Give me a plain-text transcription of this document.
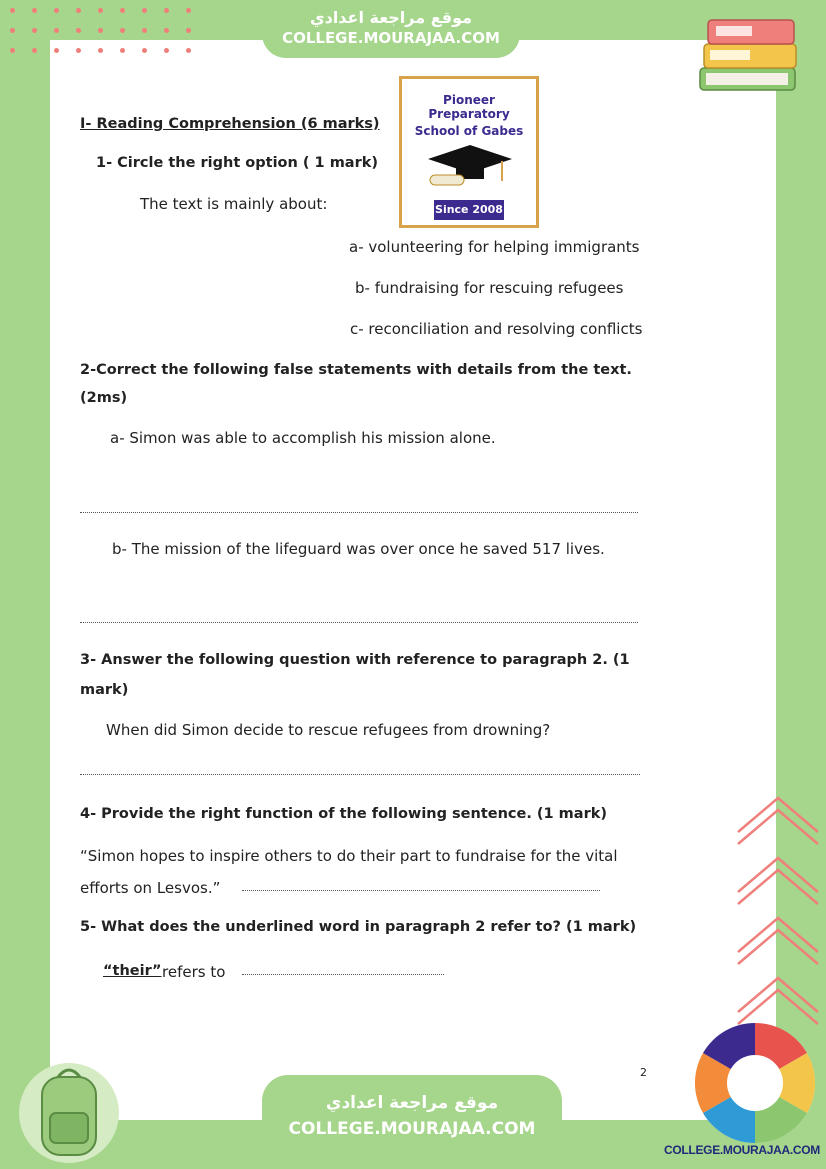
موقع مراجعة اعدادي
COLLEGE.MOURAJAA.COM
Pioneer Preparatory
School of Gabes
Since 2008
I- Reading Comprehension (6 marks)
1- Circle the right option ( 1 mark)
The text is mainly about:
a- volunteering for helping immigrants
b- fundraising for rescuing refugees
c- reconciliation and resolving conflicts
2-Correct the following false statements with details from the text.
(2ms)
a- Simon was able to accomplish his mission alone.
b- The mission of the lifeguard was over once he saved 517 lives.
3- Answer the following question with reference to paragraph 2. (1
mark)
When did Simon decide to rescue refugees from drowning?
4- Provide the right function of the following sentence. (1 mark)
“Simon hopes to inspire others to do their part to fundraise for the vital
efforts on Lesvos.”
5- What does the underlined word in paragraph 2 refer to? (1 mark)
“their” refers to
2
موقع مراجعة اعدادي
COLLEGE.MOURAJAA.COM
COLLEGE.MOURAJAA.COM
